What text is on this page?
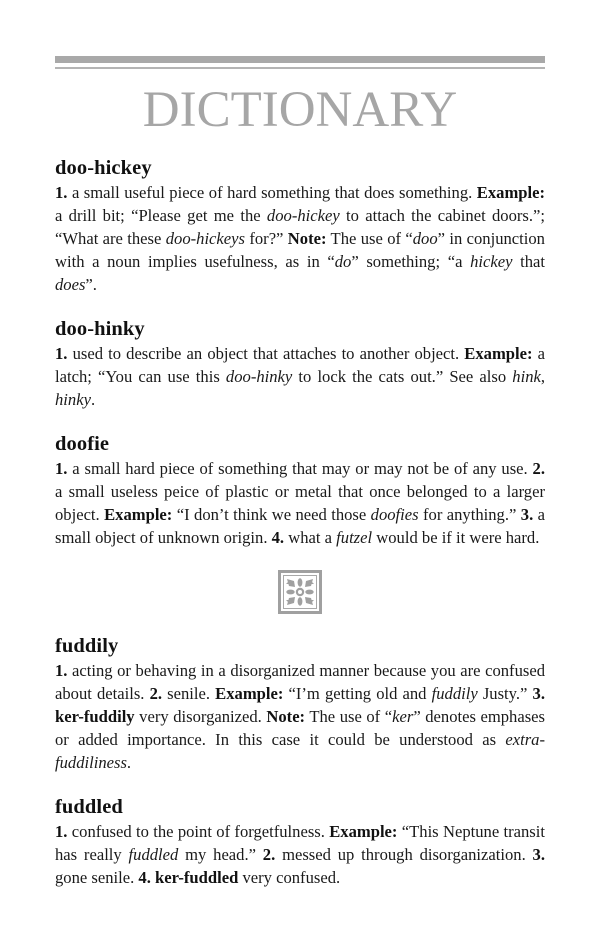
DICTIONARY
doo-hickey

1. a small useful piece of hard something that does something. Example: a drill bit; “Please get me the doo-hickey to attach the cabinet doors.”; “What are these doo-hickeys for?” Note: The use of “doo” in conjunction with a noun implies usefulness, as in “do” something; “a hickey that does”.

doo-hinky

1. used to describe an object that attaches to another object. Example: a latch; “You can use this doo-hinky to lock the cats out.” See also hink, hinky.

doofie

1. a small hard piece of something that may or may not be of any use. 2. a small useless peice of plastic or metal that once belonged to a larger object. Example: “I don’t think we need those doofies for anything.” 3. a small object of unknown origin. 4. what a futzel would be if it were hard.

fuddily

1. acting or behaving in a disorganized manner because you are confused about details. 2. senile. Example: “I’m getting old and fuddily Justy.” 3. ker-fuddily very disorganized. Note: The use of “ker” denotes emphases or added importance. In this case it could be understood as extra-fuddiliness.

fuddled

1. confused to the point of forgetfulness. Example: “This Neptune transit has really fuddled my head.” 2. messed up through disorganization. 3. gone senile. 4. ker-fuddled very confused.
